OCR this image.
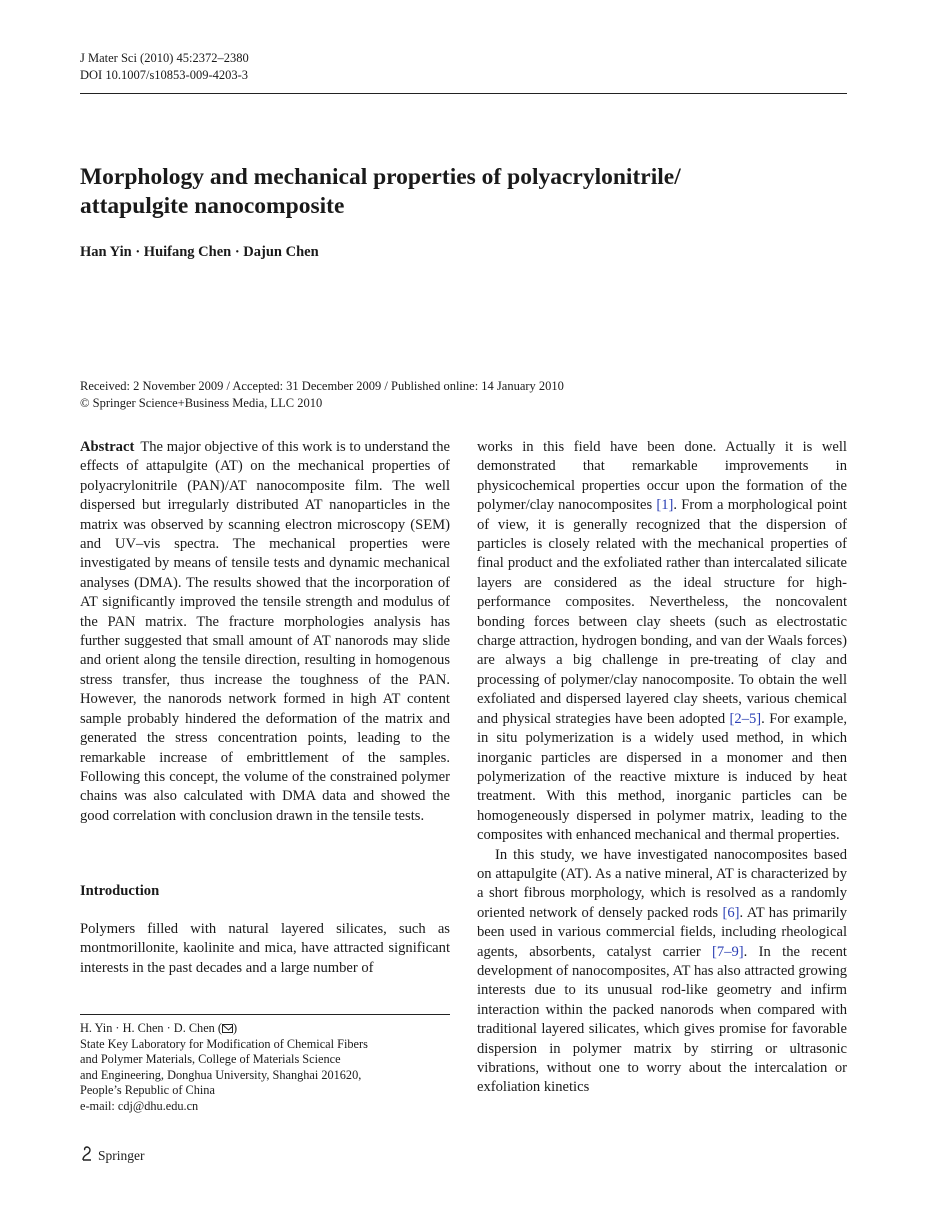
J Mater Sci (2010) 45:2372–2380
DOI 10.1007/s10853-009-4203-3
Morphology and mechanical properties of polyacrylonitrile/
attapulgite nanocomposite
Han Yin · Huifang Chen · Dajun Chen
Received: 2 November 2009 / Accepted: 31 December 2009 / Published online: 14 January 2010
© Springer Science+Business Media, LLC 2010

Abstract The major objective of this work is to understand the effects of attapulgite (AT) on the mechanical properties of polyacrylonitrile (PAN)/AT nanocomposite film. The well dispersed but irregularly distributed AT nanoparticles in the matrix was observed by scanning electron microscopy (SEM) and UV–vis spectra. The mechanical properties were investigated by means of tensile tests and dynamic mechanical analyses (DMA). The results showed that the incorporation of AT significantly improved the tensile strength and modulus of the PAN matrix. The fracture morphologies analysis has further suggested that small amount of AT nanorods may slide and orient along the tensile direction, resulting in homogenous stress transfer, thus increase the toughness of the PAN. However, the nanorods network formed in high AT content sample probably hindered the deformation of the matrix and generated the stress concentration points, leading to the remarkable increase of embrittlement of the samples. Following this concept, the volume of the constrained polymer chains was also calculated with DMA data and showed the good correlation with conclusion drawn in the tensile tests.

Introduction

Polymers filled with natural layered silicates, such as montmorillonite, kaolinite and mica, have attracted significant interests in the past decades and a large number of

H. Yin · H. Chen · D. Chen ( )
State Key Laboratory for Modification of Chemical Fibers
and Polymer Materials, College of Materials Science
and Engineering, Donghua University, Shanghai 201620,
People’s Republic of China
e-mail: cdj@dhu.edu.cn

works in this field have been done. Actually it is well demonstrated that remarkable improvements in physicochemical properties occur upon the formation of the polymer/clay nanocomposites [1]. From a morphological point of view, it is generally recognized that the dispersion of particles is closely related with the mechanical properties of final product and the exfoliated rather than intercalated silicate layers are considered as the ideal structure for high-performance composites. Nevertheless, the noncovalent bonding forces between clay sheets (such as electrostatic charge attraction, hydrogen bonding, and van der Waals forces) are always a big challenge in pre-treating of clay and processing of polymer/clay nanocomposite. To obtain the well exfoliated and dispersed layered clay sheets, various chemical and physical strategies have been adopted [2–5]. For example, in situ polymerization is a widely used method, in which inorganic particles are dispersed in a monomer and then polymerization of the reactive mixture is induced by heat treatment. With this method, inorganic particles can be homogeneously dispersed in polymer matrix, leading to the composites with enhanced mechanical and thermal properties.

In this study, we have investigated nanocomposites based on attapulgite (AT). As a native mineral, AT is characterized by a short fibrous morphology, which is resolved as a randomly oriented network of densely packed rods [6]. AT has primarily been used in various commercial fields, including rheological agents, absorbents, catalyst carrier [7–9]. In the recent development of nanocomposites, AT has also attracted growing interests due to its unusual rod-like geometry and infirm interaction within the packed nanorods when compared with traditional layered silicates, which gives promise for favorable dispersion in polymer matrix by stirring or ultrasonic vibrations, without one to worry about the intercalation or exfoliation kinetics

Springer
